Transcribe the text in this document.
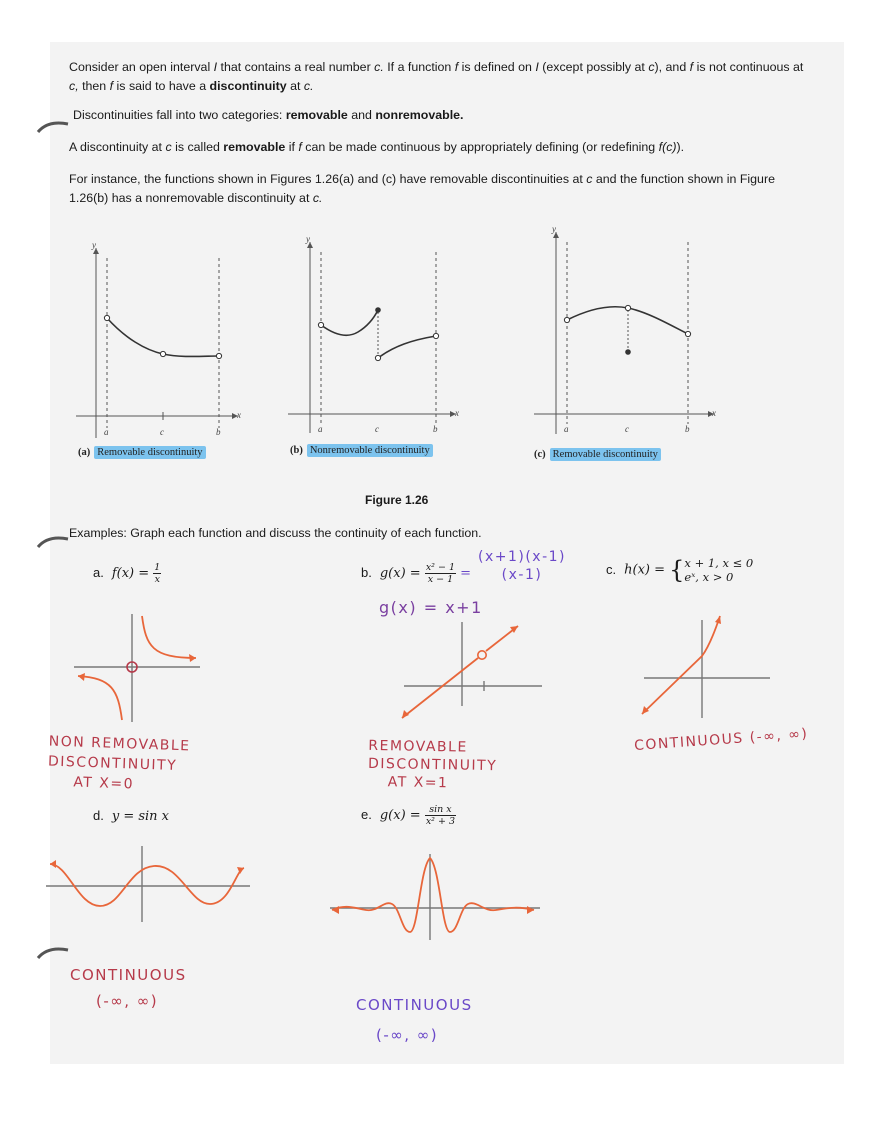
Consider an open interval I that contains a real number c. If a function f is defined on I (except possibly at c), and f is not continuous at c, then f is said to have a discontinuity at c.

Discontinuities fall into two categories: removable and nonremovable.

A discontinuity at c is called removable if f can be made continuous by appropriately defining (or redefining f(c)).

For instance, the functions shown in Figures 1.26(a) and (c) have removable discontinuities at c and the function shown in Figure 1.26(b) has a nonremovable discontinuity at c.

y
x
a	c	b
(a) Removable discontinuity
y
x
a	c	b
(b) Nonremovable discontinuity
y
x
a	c	b
(c) Removable discontinuity
Figure 1.26

Examples: Graph each function and discuss the continuity of each function.

a. $f(x) = \frac{1}{x}$	b. $g(x) = \frac{\text{x² − 1}}{x - 1}$ =
(x+1)(x-1)
(x-1)
g(x) = x+1
c. h(x) = { x + 1, x ≤ 0
eˣ, x > 0
NON REMOVABLE
DISCONTINUITY
AT X=0
REMOVABLE
DISCONTINUITY
AT X=1
CONTINUOUS (-∞, ∞)
d. y = sin x	e. $g(x) = \frac{\text{sin x}}{\text{x² + 3}}$
CONTINUOUS
(-∞, ∞)	CONTINUOUS
(-∞, ∞)
